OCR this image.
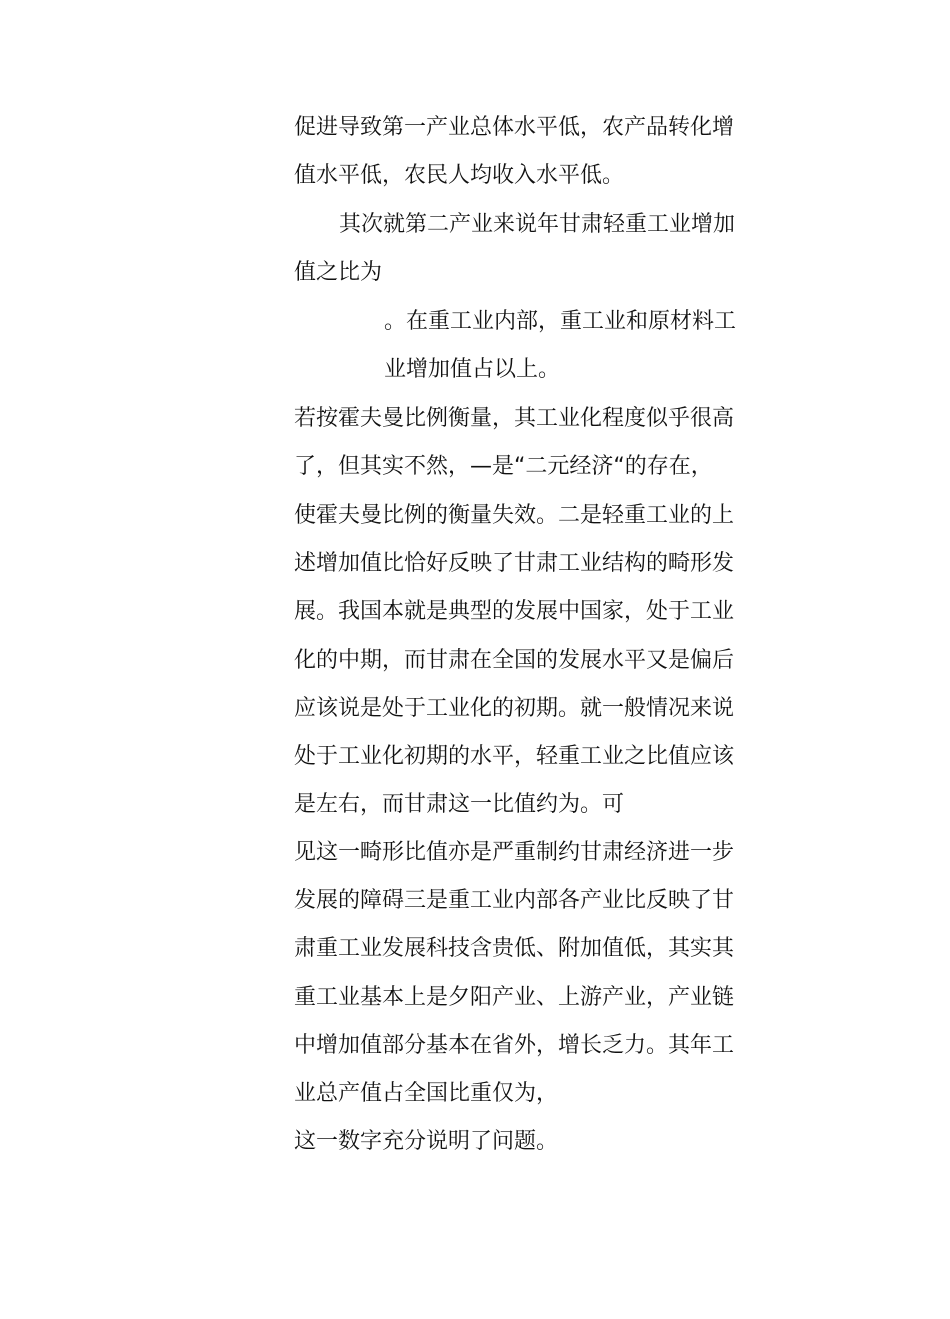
促进导致第一产业总体水平低，农产品转化增
值水平低，农民人均收入水平低。
其次就第二产业来说年甘肃轻重工业增加
值之比为
。在重工业内部，重工业和原材料工
业增加值占以上。
若按霍夫曼比例衡量，其工业化程度似乎很高
了，但其实不然，—是“二元经济“的存在，
使霍夫曼比例的衡量失效。二是轻重工业的上
述增加值比恰好反映了甘肃工业结构的畸形发
展。我国本就是典型的发展中国家，处于工业
化的中期，而甘肃在全国的发展水平又是偏后
应该说是处于工业化的初期。就一般情况来说
处于工业化初期的水平，轻重工业之比值应该
是左右，而甘肃这一比值约为。可
见这一畸形比值亦是严重制约甘肃经济进一步
发展的障碍三是重工业内部各产业比反映了甘
肃重工业发展科技含贵低、附加值低，其实其
重工业基本上是夕阳产业、上游产业，产业链
中增加值部分基本在省外，增长乏力。其年工
业总产值占全国比重仅为，
这一数字充分说明了问题。
